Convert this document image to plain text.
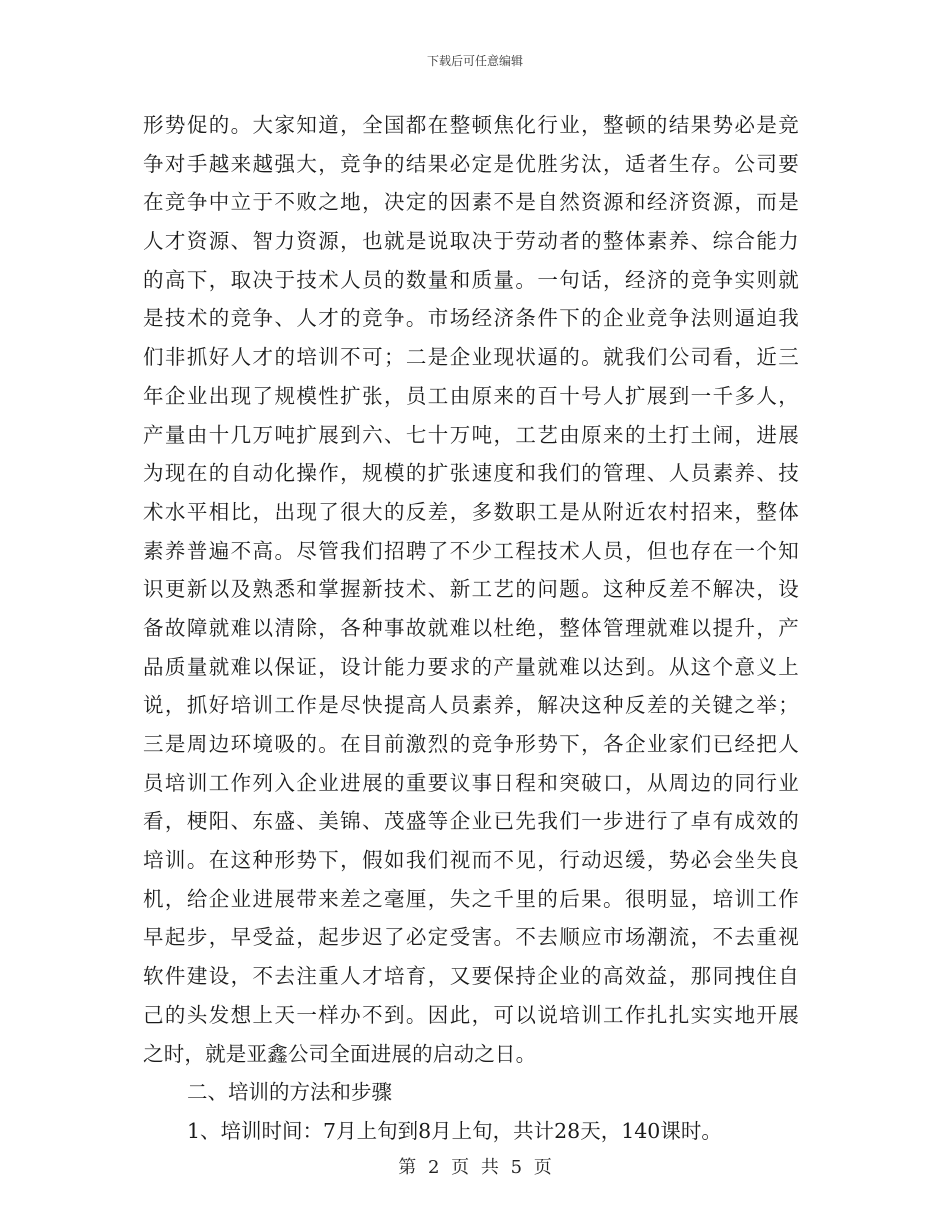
下载后可任意编辑
形势促的。大家知道，全国都在整顿焦化行业，整顿的结果势必是竞
争对手越来越强大，竞争的结果必定是优胜劣汰，适者生存。公司要
在竞争中立于不败之地，决定的因素不是自然资源和经济资源，而是
人才资源、智力资源，也就是说取决于劳动者的整体素养、综合能力
的高下，取决于技术人员的数量和质量。一句话，经济的竞争实则就
是技术的竞争、人才的竞争。市场经济条件下的企业竞争法则逼迫我
们非抓好人才的培训不可；二是企业现状逼的。就我们公司看，近三
年企业出现了规模性扩张，员工由原来的百十号人扩展到一千多人，
产量由十几万吨扩展到六、七十万吨，工艺由原来的土打土闹，进展
为现在的自动化操作，规模的扩张速度和我们的管理、人员素养、技
术水平相比，出现了很大的反差，多数职工是从附近农村招来，整体
素养普遍不高。尽管我们招聘了不少工程技术人员，但也存在一个知
识更新以及熟悉和掌握新技术、新工艺的问题。这种反差不解决，设
备故障就难以清除，各种事故就难以杜绝，整体管理就难以提升，产
品质量就难以保证，设计能力要求的产量就难以达到。从这个意义上
说，抓好培训工作是尽快提高人员素养，解决这种反差的关键之举；
三是周边环境吸的。在目前激烈的竞争形势下，各企业家们已经把人
员培训工作列入企业进展的重要议事日程和突破口，从周边的同行业
看，梗阳、东盛、美锦、茂盛等企业已先我们一步进行了卓有成效的
培训。在这种形势下，假如我们视而不见，行动迟缓，势必会坐失良
机，给企业进展带来差之毫厘，失之千里的后果。很明显，培训工作
早起步，早受益，起步迟了必定受害。不去顺应市场潮流，不去重视
软件建设，不去注重人才培育，又要保持企业的高效益，那同拽住自
己的头发想上天一样办不到。因此，可以说培训工作扎扎实实地开展
之时，就是亚鑫公司全面进展的启动之日。
二、培训的方法和步骤
1、培训时间：7月上旬到8月上旬，共计28天，140课时。
第 2 页 共 5 页
